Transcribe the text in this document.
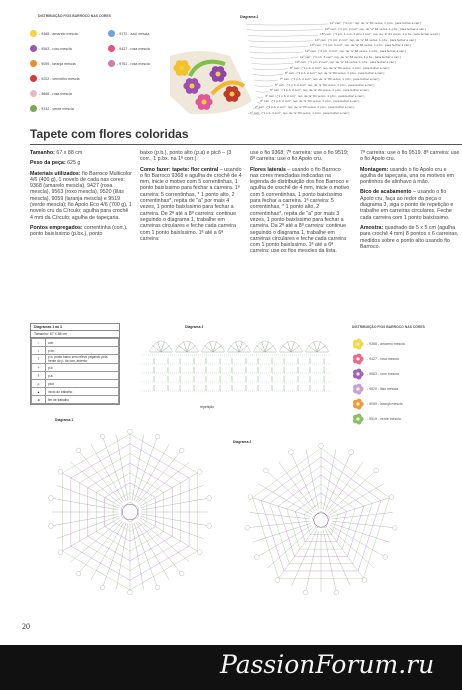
DISTRIBUIÇÃO FIOS BARROCO NAS CORES
- 9368 - amarelo mescla
- 9563 - roxo mescla
- 9059 - laranja mescla
- 9202 - vermelho mescla
- 9866 - rosa mescla
- 9332 - verde mescla
- 9172 - azul mescla
- 9427 - rosa mescla
- 9761 - rosa mescla
Diagrama 2
11º carr.: ("4 p.b." rep. de "a" 84 vezes, 1 p.bx., para fechar a carr.)
10º carr.: ("1 p.b. 2 corr", rep. de "a" 84 vezes, 1 p.bx., para fechar a carr.)
15º carr.: ("1 p.b. 1 corr, 1 pico 1 corr", rep. de "a" 84 vezes, 1 p.bx., para fechar a carr.)
14º carr.: ("1 p.b. 2 corr", rep. de "a" 84 vezes, 1 p.bx., para fechar a carr.)
13º carr.: ("1 p.b. 3 corr", rep. de "a" 84 vezes, 1 p.bx., para fechar a carr.)
12º carr.: ("1 p.b. 3 corr", rep. de "a" 84 vezes, 1 p.bx., para fechar a carr.)
11º carr.: ("1 p.b. 3 corr", rep. de "a" 84 vezes, 1 p.bx., para fechar a carr.)
10º carr.: ("1 p.b. 2 corr", rep. de "a" 84 vezes, 1 p.bx., para fechar a carr.)
9º carr.: ("1 p.b. 2 corr", rep. de "a" 84 vezes, 1 p.bx., para fechar a carr.)
8º carr.: ("1 p.b. 2 corr", rep. de "a" 84 vezes, 1 p.bx., para fechar a carr.)
7º carr.: ("1 p.b. 2 corr", rep. de "a" 84 vezes, 1 p.bx., para fechar a carr.)
6º carr.: ("1 p.b. 2 corr", rep. de "a" 84 vezes, 1 p.bx., para fechar a carr.)
5º carr.: ("1 p.b. 2 corr", rep. de "a" 84 vezes, 1 p.bx., para fechar a carr.)
4º carr.: ("1 p.b. 2 corr", rep. de "a" 84 vezes, 1 p.bx., para fechar a carr.)
3º carr.: ("1 p.b. 2 corr", rep. de "a" 84 vezes, 1 p.bx., para fechar a carr.)
2º carr.: ("1 p.b. 2 corr", rep. de "a" 84 vezes, 1 p.bx., para fechar a carr.)
1º carr.: ("1 p.b. 1 corr", rep. de "a" 84 vezes, 1 p.bx., para fechar a carr.)
Tapete com flores coloridas

Tamanho: 67 x 88 cm

Peso da peça: 625 g

Materiais utilizados: fio Barroco Multicolor 4/6 (400 g), 1 novelo de cada nas cores: 9368 (amarelo mescla), 9427 (rosa mescla), 9563 (roxo mescla), 9520 (lilás mescla), 9059 (laranja mescla) e 9519 (verde mescla); fio Apolo Eco 4/6 (700 g), 1 novelo cru da Círculo; agulha para crochê 4 mm da Círculo; agulha de tapeçaria.

Pontos empregados: correntinha (corr.), ponto baixíssimo (p.bx.), ponto

baixo (p.b.), ponto alto (p.a) e picô – (3 corr., 1 p.bx. na 1ª corr.).

Como fazer: tapete: flor central – usando o fio Barroco 9368 e agulha de crochê de 4 mm, inicie o motivo com 5 correntinhas, 1 ponto baixíssimo para fechar a carreira. 1ª carreira: 5 correntinhas, * 1 ponto alto, 2 correntinhas*, repita de "a" por mais 4 vezes, 1 ponto baixíssimo para fechar a carreira. De 2ª até a 8ª carreira: continue seguindo o diagrama 1, trabalhe em carreiras circulares e feche cada carreira com 1 ponto baixíssimo. 1ª até a 6ª carreira:

use o fio 9368; 7ª carreira: use o fio 9519; 8ª carreira: use o fio Apolo cru.

Flores laterais – usando o fio Barroco nas cores mescladas indicadas na legenda de distribuição dos fios Barroco e agulha de crochê de 4 mm, inicie o motivo com 5 correntinhas, 1 ponto baixíssimo para fechar a carreira. 1ª carreira: 5 correntinhas, * 1 ponto alto, 2 correntinhas*, repita de "a" por mais 3 vezes, 1 ponto baixíssimo para fechar a carreira. Da 2ª até a 8ª carreira: continue seguindo o diagrama 1, trabalhe em carreiras circulares e feche cada carreira com 1 ponto baixíssimo. 1ª até a 6ª carreira: use os fios mescles da lista.

7ª carreira: use o fio 9519. 8ª carreira: use o fio Apolo cru.

Montagem: usando o fio Apolo cru e agulha de tapeçaria, una os motivos em pontinhos de alinhavo à mão.

Bico de acabamento – usando o fio Apolo cru, faça ao redor da peça o diagrama 3, siga o ponto de repetição e trabalhe em carreiras circulares. Feche cada carreira com 1 ponto baixíssimo.

Amostra: quadrado de 5 x 5 cm (agulha para crochê 4 mm) 8 pontos x 6 carreiras, medidos sobre o ponto alto usando fio Barroco.

Diagramas 1 ao 3
Tamanho: 67 X 88 cm
○	corr.
•	p.bx.
T	p.b. ponto baixo sem relevo pegando pela frente do p. da carr. anterior
+	p.b.
Ŧ	p.a.
ꝑ	picô
▲	início do trabalho
◄	fim de trabalho
Diagrama 3
repetição
DISTRIBUIÇÃO FIOS BARROCO NAS CORES
- 9368 - amarelo mescla
- 9427 - rosa mescla
- 9563 - roxo mescla
- 9520 - lilás mescla
- 9059 - laranja mescla
- 9519 - verde mescla
Diagrama 1
Diagrama 2
20
PassionForum.ru
